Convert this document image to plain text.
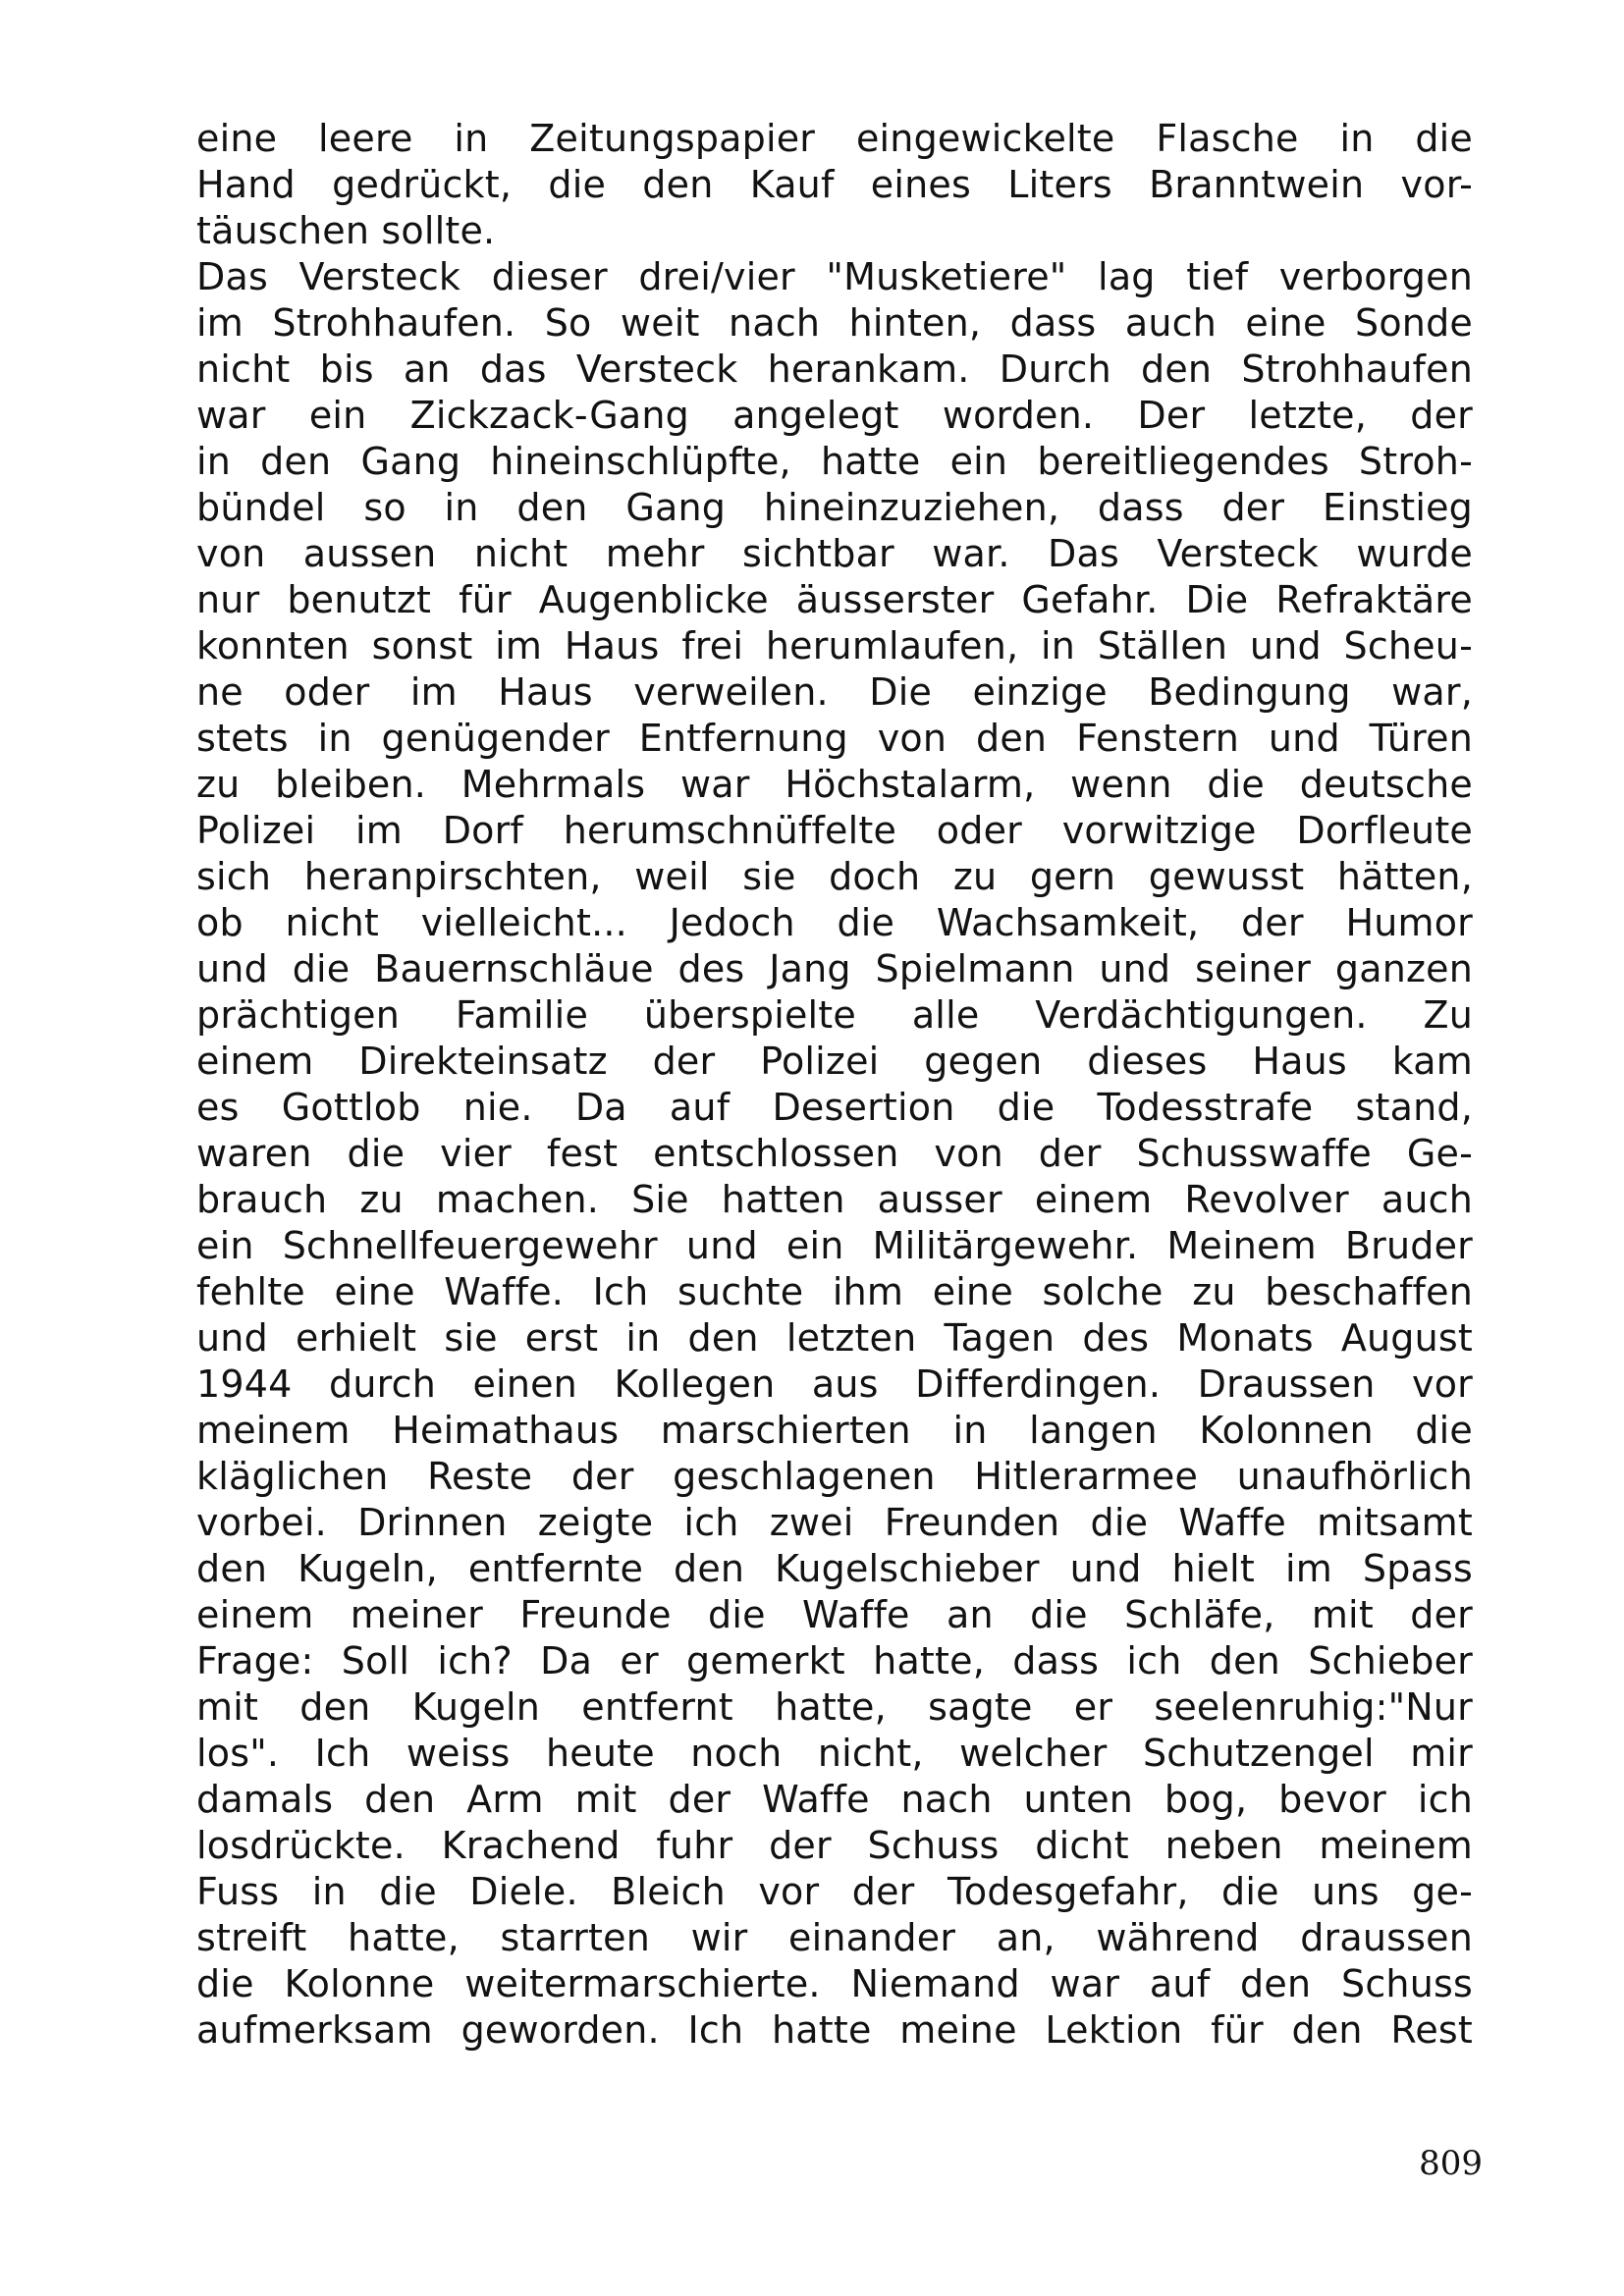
eine leere in Zeitungspapier eingewickelte Flasche in die
Hand gedrückt, die den Kauf eines Liters Branntwein vor-
täuschen sollte.
Das Versteck dieser drei/vier "Musketiere" lag tief verborgen
im Strohhaufen. So weit nach hinten, dass auch eine Sonde
nicht bis an das Versteck herankam. Durch den Strohhaufen
war ein Zickzack-Gang angelegt worden. Der letzte, der
in den Gang hineinschlüpfte, hatte ein bereitliegendes Stroh-
bündel so in den Gang hineinzuziehen, dass der Einstieg
von aussen nicht mehr sichtbar war. Das Versteck wurde
nur benutzt für Augenblicke äusserster Gefahr. Die Refraktäre
konnten sonst im Haus frei herumlaufen, in Ställen und Scheu-
ne oder im Haus verweilen. Die einzige Bedingung war,
stets in genügender Entfernung von den Fenstern und Türen
zu bleiben. Mehrmals war Höchstalarm, wenn die deutsche
Polizei im Dorf herumschnüffelte oder vorwitzige Dorfleute
sich heranpirschten, weil sie doch zu gern gewusst hätten,
ob nicht vielleicht... Jedoch die Wachsamkeit, der Humor
und die Bauernschläue des Jang Spielmann und seiner ganzen
prächtigen Familie überspielte alle Verdächtigungen. Zu
einem Direkteinsatz der Polizei gegen dieses Haus kam
es Gottlob nie. Da auf Desertion die Todesstrafe stand,
waren die vier fest entschlossen von der Schusswaffe Ge-
brauch zu machen. Sie hatten ausser einem Revolver auch
ein Schnellfeuergewehr und ein Militärgewehr. Meinem Bruder
fehlte eine Waffe. Ich suchte ihm eine solche zu beschaffen
und erhielt sie erst in den letzten Tagen des Monats August
1944 durch einen Kollegen aus Differdingen. Draussen vor
meinem Heimathaus marschierten in langen Kolonnen die
kläglichen Reste der geschlagenen Hitlerarmee unaufhörlich
vorbei. Drinnen zeigte ich zwei Freunden die Waffe mitsamt
den Kugeln, entfernte den Kugelschieber und hielt im Spass
einem meiner Freunde die Waffe an die Schläfe, mit der
Frage: Soll ich? Da er gemerkt hatte, dass ich den Schieber
mit den Kugeln entfernt hatte, sagte er seelenruhig:"Nur
los". Ich weiss heute noch nicht, welcher Schutzengel mir
damals den Arm mit der Waffe nach unten bog, bevor ich
losdrückte. Krachend fuhr der Schuss dicht neben meinem
Fuss in die Diele. Bleich vor der Todesgefahr, die uns ge-
streift hatte, starrten wir einander an, während draussen
die Kolonne weitermarschierte. Niemand war auf den Schuss
aufmerksam geworden. Ich hatte meine Lektion für den Rest
809
